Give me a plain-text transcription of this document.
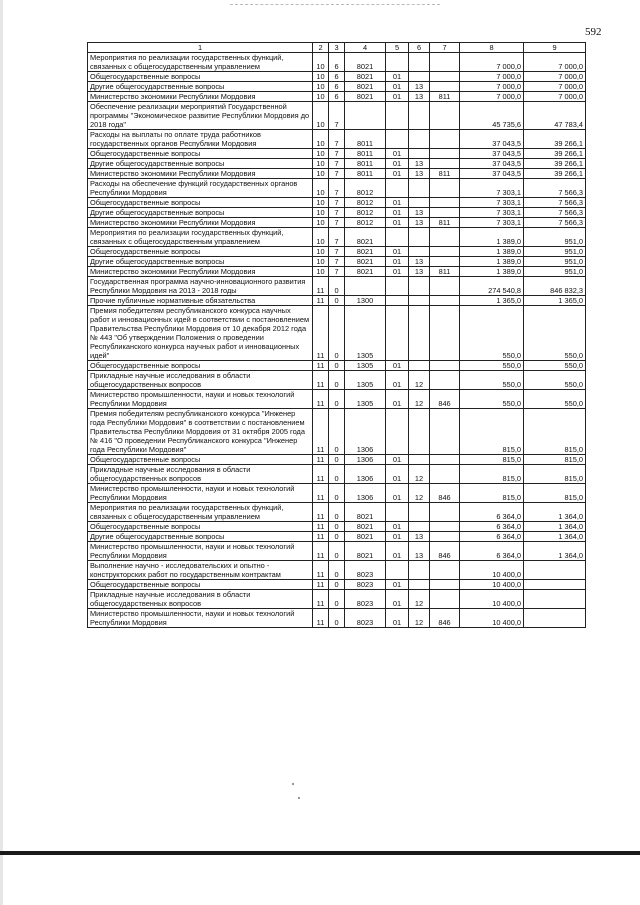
592
1	2	3	4	5	6	7	8	9
Мероприятия по реализации государственных функций, связанных с общегосударственным управлением	10	6	8021				7 000,0	7 000,0
Общегосударственные вопросы	10	6	8021	01			7 000,0	7 000,0
Другие общегосударственные вопросы	10	6	8021	01	13		7 000,0	7 000,0
Министерство экономики Республики Мордовия	10	6	8021	01	13	811	7 000,0	7 000,0
Обеспечение реализации мероприятий Государственной программы "Экономическое развитие Республики Мордовия до 2018 года"	10	7					45 735,6	47 783,4
Расходы на выплаты по оплате труда работников государственных органов Республики Мордовия	10	7	8011				37 043,5	39 266,1
Общегосударственные вопросы	10	7	8011	01			37 043,5	39 266,1
Другие общегосударственные вопросы	10	7	8011	01	13		37 043,5	39 266,1
Министерство экономики Республики Мордовия	10	7	8011	01	13	811	37 043,5	39 266,1
Расходы на обеспечение функций государственных органов Республики Мордовия	10	7	8012				7 303,1	7 566,3
Общегосударственные вопросы	10	7	8012	01			7 303,1	7 566,3
Другие общегосударственные вопросы	10	7	8012	01	13		7 303,1	7 566,3
Министерство экономики Республики Мордовия	10	7	8012	01	13	811	7 303,1	7 566,3
Мероприятия по реализации государственных функций, связанных с общегосударственным управлением	10	7	8021				1 389,0	951,0
Общегосударственные вопросы	10	7	8021	01			1 389,0	951,0
Другие общегосударственные вопросы	10	7	8021	01	13		1 389,0	951,0
Министерство экономики Республики Мордовия	10	7	8021	01	13	811	1 389,0	951,0
Государственная программа научно-инновационного развития Республики Мордовия на 2013 - 2018 годы	11	0					274 540,8	846 832,3
Прочие публичные нормативные обязательства	11	0	1300				1 365,0	1 365,0
Премия победителям республиканского конкурса научных работ и инновационных идей в соответствии с постановлением Правительства Республики Мордовия от 10 декабря 2012 года № 443 "Об утверждении Положения о проведении Республиканского конкурса научных работ и инновационных идей"	11	0	1305				550,0	550,0
Общегосударственные вопросы	11	0	1305	01			550,0	550,0
Прикладные научные исследования в области общегосударственных вопросов	11	0	1305	01	12		550,0	550,0
Министерство промышленности, науки и новых технологий Республики Мордовия	11	0	1305	01	12	846	550,0	550,0
Премия победителям республиканского конкурса "Инженер года Республики Мордовия" в соответствии с постановлением Правительства Республики Мордовия от 31 октября 2005 года № 416 "О проведении Республиканского конкурса "Инженер года Республики Мордовия"	11	0	1306				815,0	815,0
Общегосударственные вопросы	11	0	1306	01			815,0	815,0
Прикладные научные исследования в области общегосударственных вопросов	11	0	1306	01	12		815,0	815,0
Министерство промышленности, науки и новых технологий Республики Мордовия	11	0	1306	01	12	846	815,0	815,0
Мероприятия по реализации государственных функций, связанных с общегосударственным управлением	11	0	8021				6 364,0	1 364,0
Общегосударственные вопросы	11	0	8021	01			6 364,0	1 364,0
Другие общегосударственные вопросы	11	0	8021	01	13		6 364,0	1 364,0
Министерство промышленности, науки и новых технологий Республики Мордовия	11	0	8021	01	13	846	6 364,0	1 364,0
Выполнение научно - исследовательских и опытно - конструкторских работ по государственным контрактам	11	0	8023				10 400,0	
Общегосударственные вопросы	11	0	8023	01			10 400,0	
Прикладные научные исследования в области общегосударственных вопросов	11	0	8023	01	12		10 400,0	
Министерство промышленности, науки и новых технологий Республики Мордовия	11	0	8023	01	12	846	10 400,0	
